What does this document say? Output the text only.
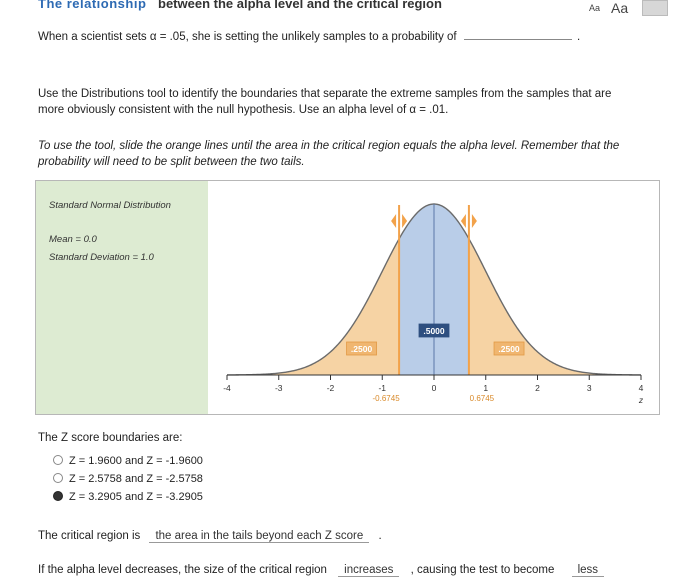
The relationship between the alpha level and the critical region	Aa Aa
When a scientist sets α = .05, she is setting the unlikely samples to a probability of	.
Use the Distributions tool to identify the boundaries that separate the extreme samples from the samples that are
more obviously consistent with the null hypothesis. Use an alpha level of α = .01.
To use the tool, slide the orange lines until the area in the critical region equals the alpha level. Remember that the
probability will need to be split between the two tails.
Standard Normal Distribution
Mean = 0.0
Standard Deviation = 1.0
-4	-3	-2	-1	0	1	2	3	4
z
-0.6745	0.6745
.5000
.2500	.2500
The Z score boundaries are:
Z = 1.9600 and Z = -1.9600
Z = 2.5758 and Z = -2.5758
Z = 3.2905 and Z = -3.2905
The critical region is the area in the tails beyond each Z score .
If the alpha level decreases, the size of the critical region increases , causing the test to become less
